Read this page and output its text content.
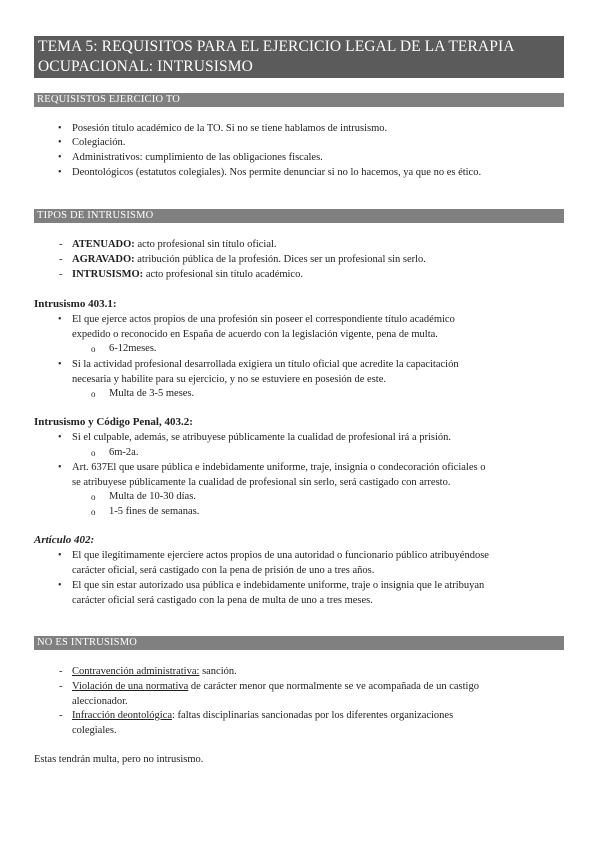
TEMA 5: REQUISITOS PARA EL EJERCICIO LEGAL DE LA TERAPIA
OCUPACIONAL: INTRUSISMO
REQUISISTOS EJERCICIO TO
• Posesión título académico de la TO. Si no se tiene hablamos de intrusismo.
• Colegiación.
• Administrativos: cumplimiento de las obligaciones fiscales.
• Deontológicos (estatutos colegiales). Nos permite denunciar si no lo hacemos, ya que no es ético.
TIPOS DE INTRUSISMO
- ATENUADO: acto profesional sin título oficial.
- AGRAVADO: atribución pública de la profesión. Dices ser un profesional sin serlo.
- INTRUSISMO: acto profesional sin título académico.
Intrusismo 403.1:
• El que ejerce actos propios de una profesión sin poseer el correspondiente título académico
expedido o reconocido en España de acuerdo con la legislación vigente, pena de multa.
o 6-12meses.
• Si la actividad profesional desarrollada exigiera un título oficial que acredite la capacitación
necesaria y habilite para su ejercicio, y no se estuviere en posesión de este.
o Multa de 3-5 meses.
Intrusismo y Código Penal, 403.2:
• Si el culpable, además, se atribuyese públicamente la cualidad de profesional irá a prisión.
o 6m-2a.
• Art. 637El que usare pública e indebidamente uniforme, traje, insignia o condecoración oficiales o
se atribuyese públicamente la cualidad de profesional sin serlo, será castigado con arresto.
o Multa de 10-30 días.
o 1-5 fines de semanas.
Artículo 402:
• El que ilegítimamente ejerciere actos propios de una autoridad o funcionario público atribuyéndose
carácter oficial, será castigado con la pena de prisión de uno a tres años.
• El que sin estar autorizado usa pública e indebidamente uniforme, traje o insignia que le atribuyan
carácter oficial será castigado con la pena de multa de uno a tres meses.
NO ES INTRUSISMO
- Contravención administrativa: sanción.
- Violación de una normativa de carácter menor que normalmente se ve acompañada de un castigo
aleccionador.
- Infracción deontológica: faltas disciplinarias sancionadas por los diferentes organizaciones
colegiales.
Estas tendrán multa, pero no intrusismo.
